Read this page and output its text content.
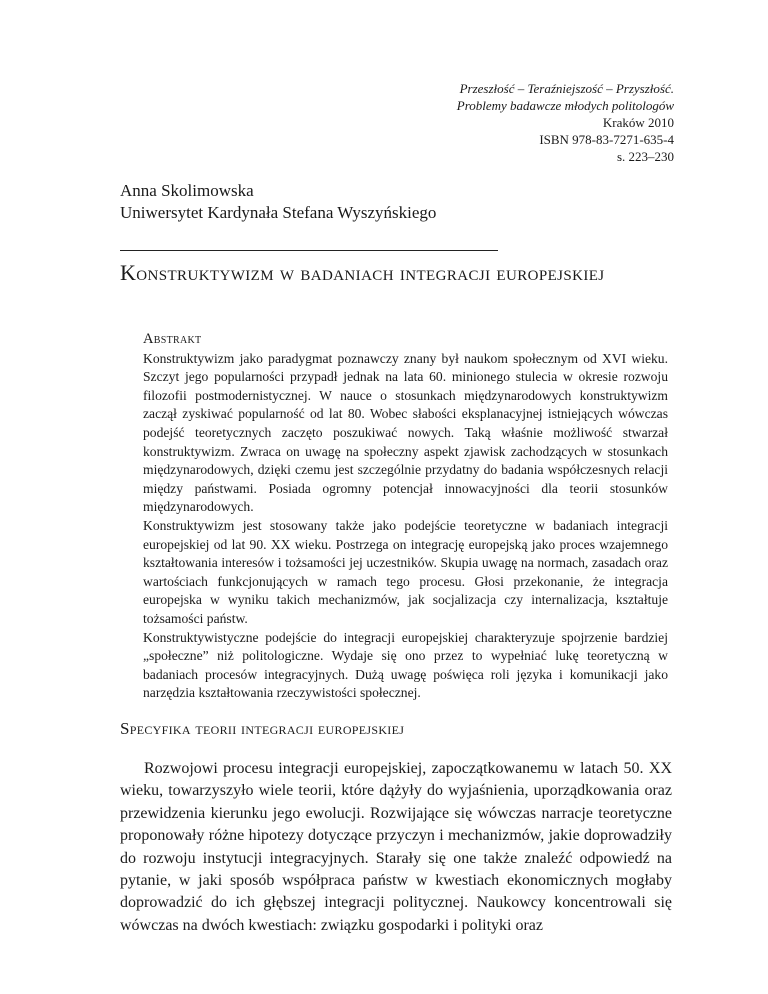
Przeszłość – Teraźniejszość – Przyszłość.
Problemy badawcze młodych politologów
Kraków 2010
ISBN 978-83-7271-635-4
s. 223–230
Anna Skolimowska
Uniwersytet Kardynała Stefana Wyszyńskiego
Konstruktywizm w badaniach integracji europejskiej
Abstrakt

Konstruktywizm jako paradygmat poznawczy znany był naukom społecznym od XVI wieku. Szczyt jego popularności przypadł jednak na lata 60. minionego stulecia w okresie rozwoju filozofii postmodernistycznej. W nauce o stosunkach międzynarodowych konstruktywizm zaczął zyskiwać popularność od lat 80. Wobec słabości eksplanacyjnej istniejących wówczas podejść teoretycznych zaczęto poszukiwać nowych. Taką właśnie możliwość stwarzał konstruktywizm. Zwraca on uwagę na społeczny aspekt zjawisk zachodzących w stosunkach międzynarodowych, dzięki czemu jest szczególnie przydatny do badania współczesnych relacji między państwami. Posiada ogromny potencjał innowacyjności dla teorii stosunków międzynarodowych.

Konstruktywizm jest stosowany także jako podejście teoretyczne w badaniach integracji europejskiej od lat 90. XX wieku. Postrzega on integrację europejską jako proces wzajemnego kształtowania interesów i tożsamości jej uczestników. Skupia uwagę na normach, zasadach oraz wartościach funkcjonujących w ramach tego procesu. Głosi przekonanie, że integracja europejska w wyniku takich mechanizmów, jak socjalizacja czy internalizacja, kształtuje tożsamości państw.

Konstruktywistyczne podejście do integracji europejskiej charakteryzuje spojrzenie bardziej „społeczne” niż politologiczne. Wydaje się ono przez to wypełniać lukę teoretyczną w badaniach procesów integracyjnych. Dużą uwagę poświęca roli języka i komunikacji jako narzędzia kształtowania rzeczywistości społecznej.

Specyfika teorii integracji europejskiej

Rozwojowi procesu integracji europejskiej, zapoczątkowanemu w latach 50. XX wieku, towarzyszyło wiele teorii, które dążyły do wyjaśnienia, uporządkowania oraz przewidzenia kierunku jego ewolucji. Rozwijające się wówczas narracje teoretyczne proponowały różne hipotezy dotyczące przyczyn i mechanizmów, jakie doprowadziły do rozwoju instytucji integracyjnych. Starały się one także znaleźć odpowiedź na pytanie, w jaki sposób współpraca państw w kwestiach ekonomicznych mogłaby doprowadzić do ich głębszej integracji politycznej. Naukowcy koncentrowali się wówczas na dwóch kwestiach: związku gospodarki i polityki oraz
